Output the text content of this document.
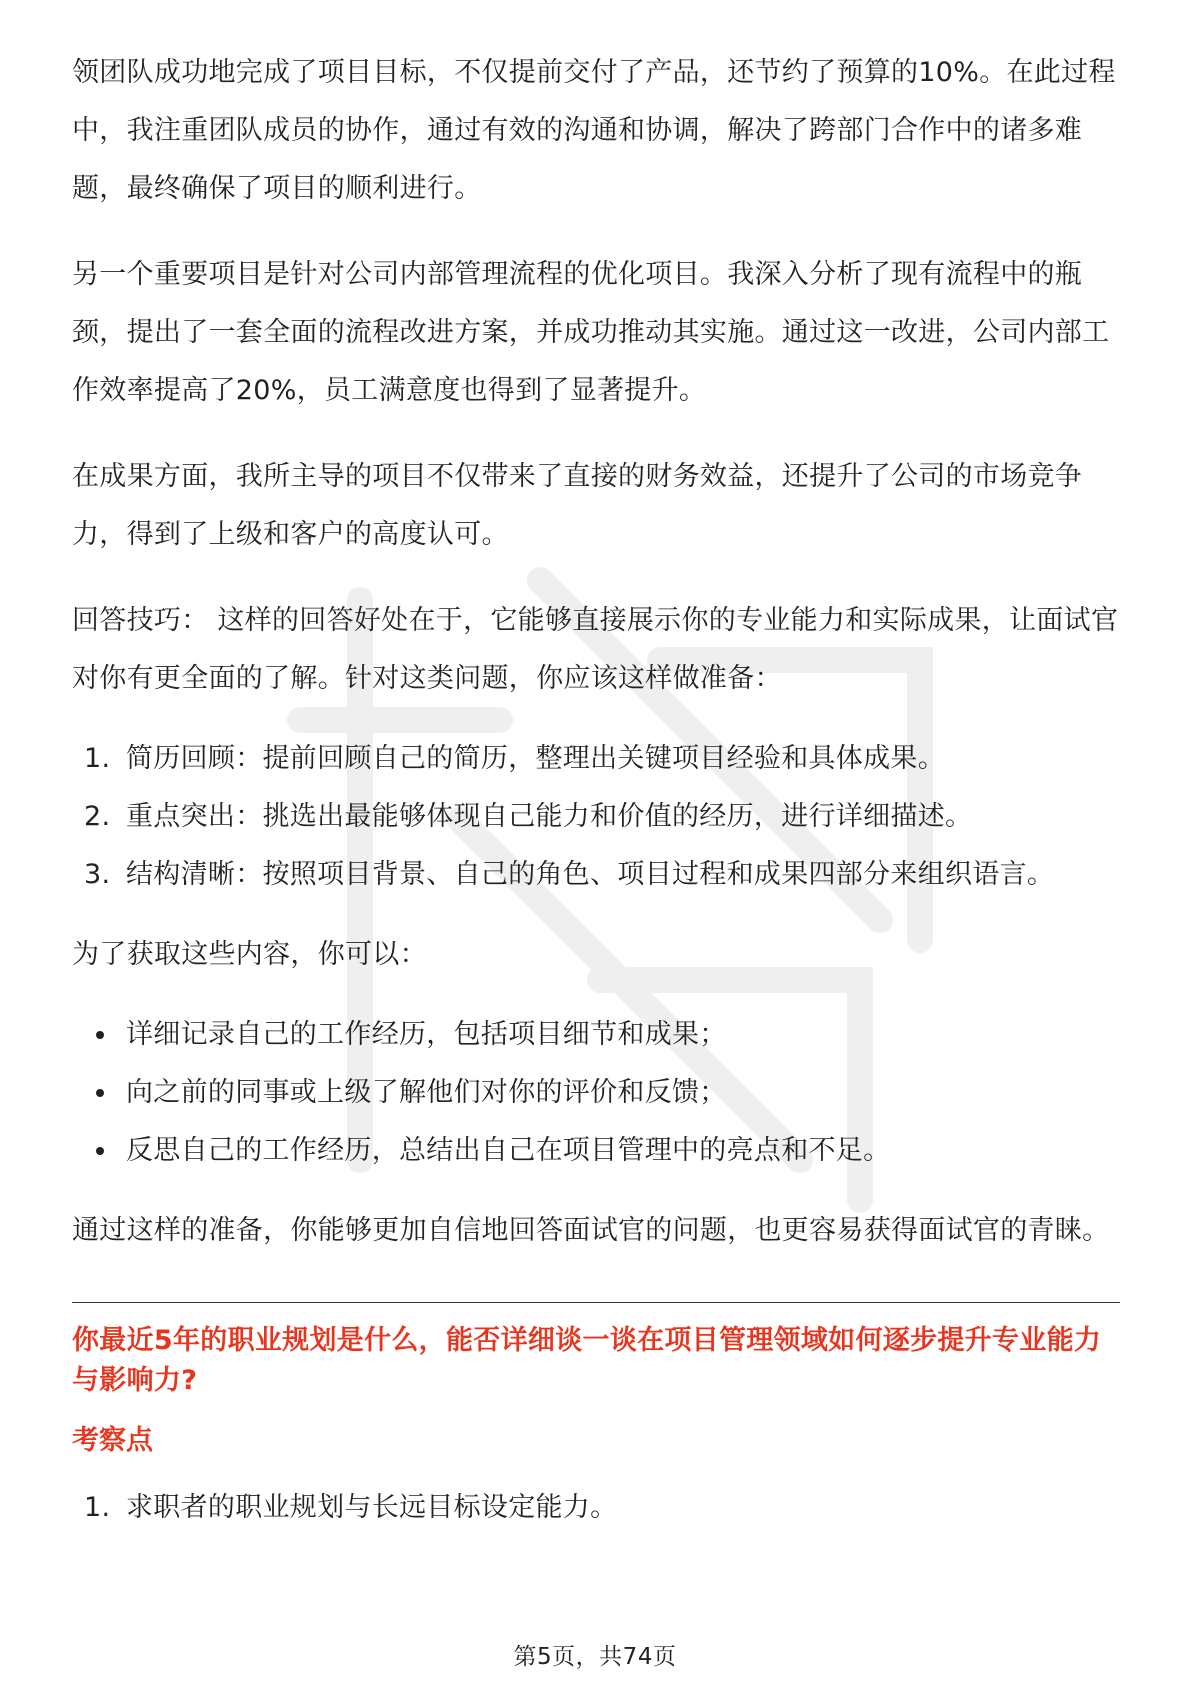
领团队成功地完成了项目目标，不仅提前交付了产品，还节约了预算的10%。在此过程中，我注重团队成员的协作，通过有效的沟通和协调，解决了跨部门合作中的诸多难题，最终确保了项目的顺利进行。

另一个重要项目是针对公司内部管理流程的优化项目。我深入分析了现有流程中的瓶颈，提出了一套全面的流程改进方案，并成功推动其实施。通过这一改进，公司内部工作效率提高了20%，员工满意度也得到了显著提升。

在成果方面，我所主导的项目不仅带来了直接的财务效益，还提升了公司的市场竞争力，得到了上级和客户的高度认可。

回答技巧： 这样的回答好处在于，它能够直接展示你的专业能力和实际成果，让面试官对你有更全面的了解。针对这类问题，你应该这样做准备：

1. 简历回顾：提前回顾自己的简历，整理出关键项目经验和具体成果。
2. 重点突出：挑选出最能够体现自己能力和价值的经历，进行详细描述。
3. 结构清晰：按照项目背景、自己的角色、项目过程和成果四部分来组织语言。

为了获取这些内容，你可以：

详细记录自己的工作经历，包括项目细节和成果；
向之前的同事或上级了解他们对你的评价和反馈；
反思自己的工作经历，总结出自己在项目管理中的亮点和不足。

通过这样的准备，你能够更加自信地回答面试官的问题，也更容易获得面试官的青睐。

你最近5年的职业规划是什么，能否详细谈一谈在项目管理领域如何逐步提升专业能力与影响力?

考察点

1. 求职者的职业规划与长远目标设定能力。
第5页，共74页
